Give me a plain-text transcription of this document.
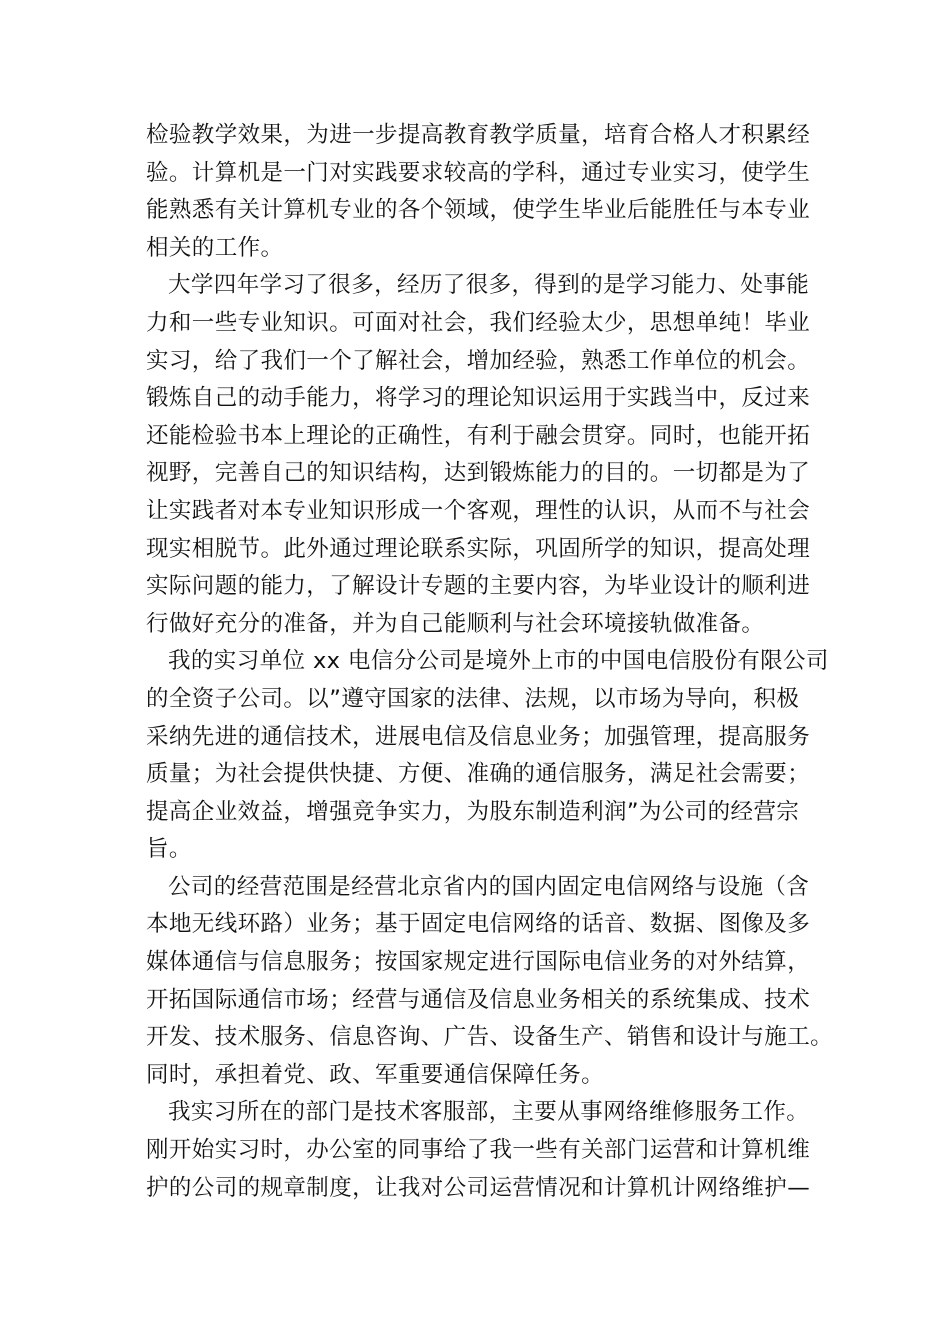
检验教学效果，为进一步提高教育教学质量，培育合格人才积累经
验。计算机是一门对实践要求较高的学科，通过专业实习，使学生
能熟悉有关计算机专业的各个领域，使学生毕业后能胜任与本专业
相关的工作。
大学四年学习了很多，经历了很多，得到的是学习能力、处事能
力和一些专业知识。可面对社会，我们经验太少，思想单纯！毕业
实习，给了我们一个了解社会，增加经验，熟悉工作单位的机会。
锻炼自己的动手能力，将学习的理论知识运用于实践当中，反过来
还能检验书本上理论的正确性，有利于融会贯穿。同时，也能开拓
视野，完善自己的知识结构，达到锻炼能力的目的。一切都是为了
让实践者对本专业知识形成一个客观，理性的认识，从而不与社会
现实相脱节。此外通过理论联系实际，巩固所学的知识，提高处理
实际问题的能力，了解设计专题的主要内容，为毕业设计的顺利进
行做好充分的准备，并为自己能顺利与社会环境接轨做准备。
我的实习单位 xx 电信分公司是境外上市的中国电信股份有限公司
的全资子公司。以”遵守国家的法律、法规，以市场为导向，积极
采纳先进的通信技术，进展电信及信息业务；加强管理，提高服务
质量；为社会提供快捷、方便、准确的通信服务，满足社会需要；
提高企业效益，增强竞争实力，为股东制造利润”为公司的经营宗
旨。
公司的经营范围是经营北京省内的国内固定电信网络与设施（含
本地无线环路）业务；基于固定电信网络的话音、数据、图像及多
媒体通信与信息服务；按国家规定进行国际电信业务的对外结算，
开拓国际通信市场；经营与通信及信息业务相关的系统集成、技术
开发、技术服务、信息咨询、广告、设备生产、销售和设计与施工。
同时，承担着党、政、军重要通信保障任务。
我实习所在的部门是技术客服部，主要从事网络维修服务工作。
刚开始实习时，办公室的同事给了我一些有关部门运营和计算机维
护的公司的规章制度，让我对公司运营情况和计算机计网络维护—
